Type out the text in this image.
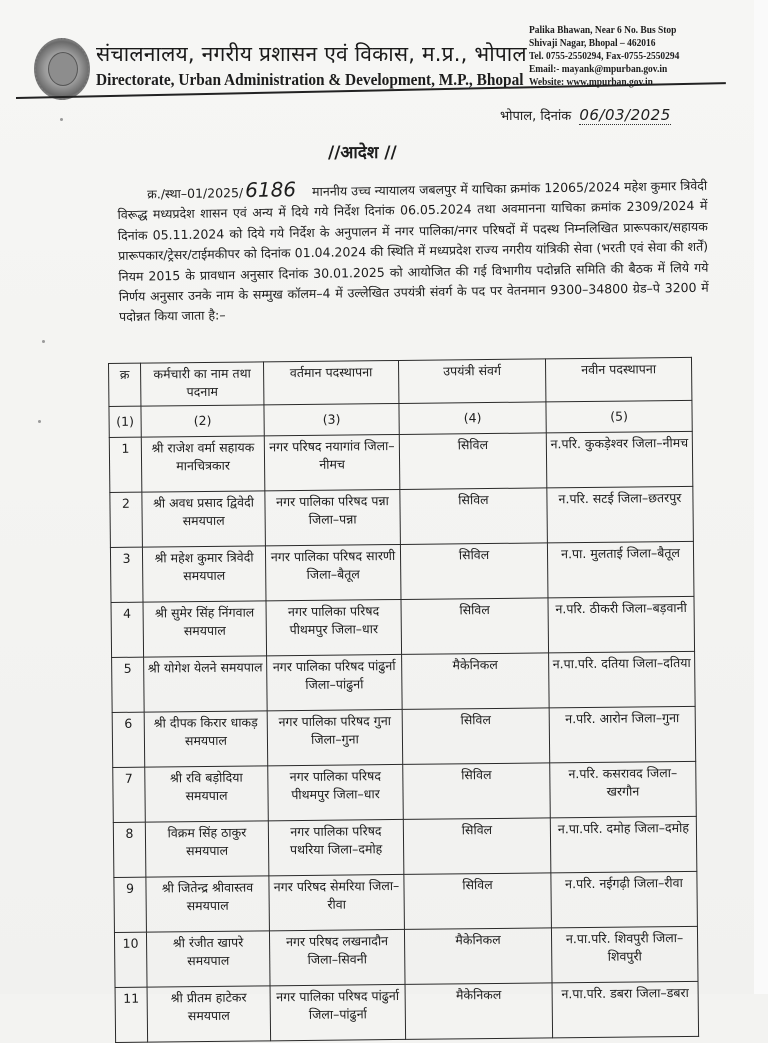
संचालनालय, नगरीय प्रशासन एवं विकास, म.प्र., भोपाल
Directorate, Urban Administration & Development, M.P., Bhopal
Palika Bhawan, Near 6 No. Bus Stop
Shivaji Nagar, Bhopal – 462016
Tel. 0755-2550294, Fax-0755-2550294
Email:- mayank@mpurban.gov.in
Website: www.mpurban.gov.in
भोपाल, दिनांक 06/03/2025
//आदेश //
क्र./स्था–01/2025/6186 माननीय उच्च न्यायालय जबलपुर में याचिका क्रमांक 12065/2024 महेश कुमार त्रिवेदी विरूद्ध मध्यप्रदेश शासन एवं अन्य में दिये गये निर्देश दिनांक 06.05.2024 तथा अवमानना याचिका क्रमांक 2309/2024 में दिनांक 05.11.2024 को दिये गये निर्देश के अनुपालन में नगर पालिका/नगर परिषदों में पदस्थ निम्नलिखित प्रारूपकार/सहायक प्रारूपकार/ट्रेसर/टाईमकीपर को दिनांक 01.04.2024 की स्थिति में मध्यप्रदेश राज्य नगरीय यांत्रिकी सेवा (भरती एवं सेवा की शर्तें) नियम 2015 के प्रावधान अनुसार दिनांक 30.01.2025 को आयोजित की गई विभागीय पदोन्नति समिति की बैठक में लिये गये निर्णय अनुसार उनके नाम के सम्मुख कॉलम–4 में उल्लेखित उपयंत्री संवर्ग के पद पर वेतनमान 9300–34800 ग्रेड–पे 3200 में पदोन्नत किया जाता है:–
क्र	कर्मचारी का नाम तथा पदनाम	वर्तमान पदस्थापना	उपयंत्री संवर्ग	नवीन पदस्थापना
(1)	(2)	(3)	(4)	(5)
1	श्री राजेश वर्मा सहायक मानचित्रकार	नगर परिषद नयागांव जिला–नीमच	सिविल	न.परि. कुकड़ेश्वर जिला–नीमच
2	श्री अवध प्रसाद द्विवेदी समयपाल	नगर पालिका परिषद पन्ना जिला–पन्ना	सिविल	न.परि. सटई जिला–छतरपुर
3	श्री महेश कुमार त्रिवेदी समयपाल	नगर पालिका परिषद सारणी जिला–बैतूल	सिविल	न.पा. मुलताई जिला–बैतूल
4	श्री सुमेर सिंह निंगवाल समयपाल	नगर पालिका परिषद पीथमपुर जिला–धार	सिविल	न.परि. ठीकरी जिला–बड़वानी
5	श्री योगेश येलने समयपाल	नगर पालिका परिषद पांढुर्ना जिला–पांढुर्ना	मैकेनिकल	न.पा.परि. दतिया जिला–दतिया
6	श्री दीपक किरार धाकड़ समयपाल	नगर पालिका परिषद गुना जिला–गुना	सिविल	न.परि. आरोन जिला–गुना
7	श्री रवि बड़ोदिया समयपाल	नगर पालिका परिषद पीथमपुर जिला–धार	सिविल	न.परि. कसरावद जिला–खरगौन
8	विक्रम सिंह ठाकुर समयपाल	नगर पालिका परिषद पथरिया जिला–दमोह	सिविल	न.पा.परि. दमोह जिला–दमोह
9	श्री जितेन्द्र श्रीवास्तव समयपाल	नगर परिषद सेमरिया जिला–रीवा	सिविल	न.परि. नईगढ़ी जिला–रीवा
10	श्री रंजीत खापरे समयपाल	नगर परिषद लखनादौन जिला–सिवनी	मैकेनिकल	न.पा.परि. शिवपुरी जिला–शिवपुरी
11	श्री प्रीतम हाटेकर समयपाल	नगर पालिका परिषद पांढुर्ना जिला–पांढुर्ना	मैकेनिकल	न.पा.परि. डबरा जिला–डबरा
